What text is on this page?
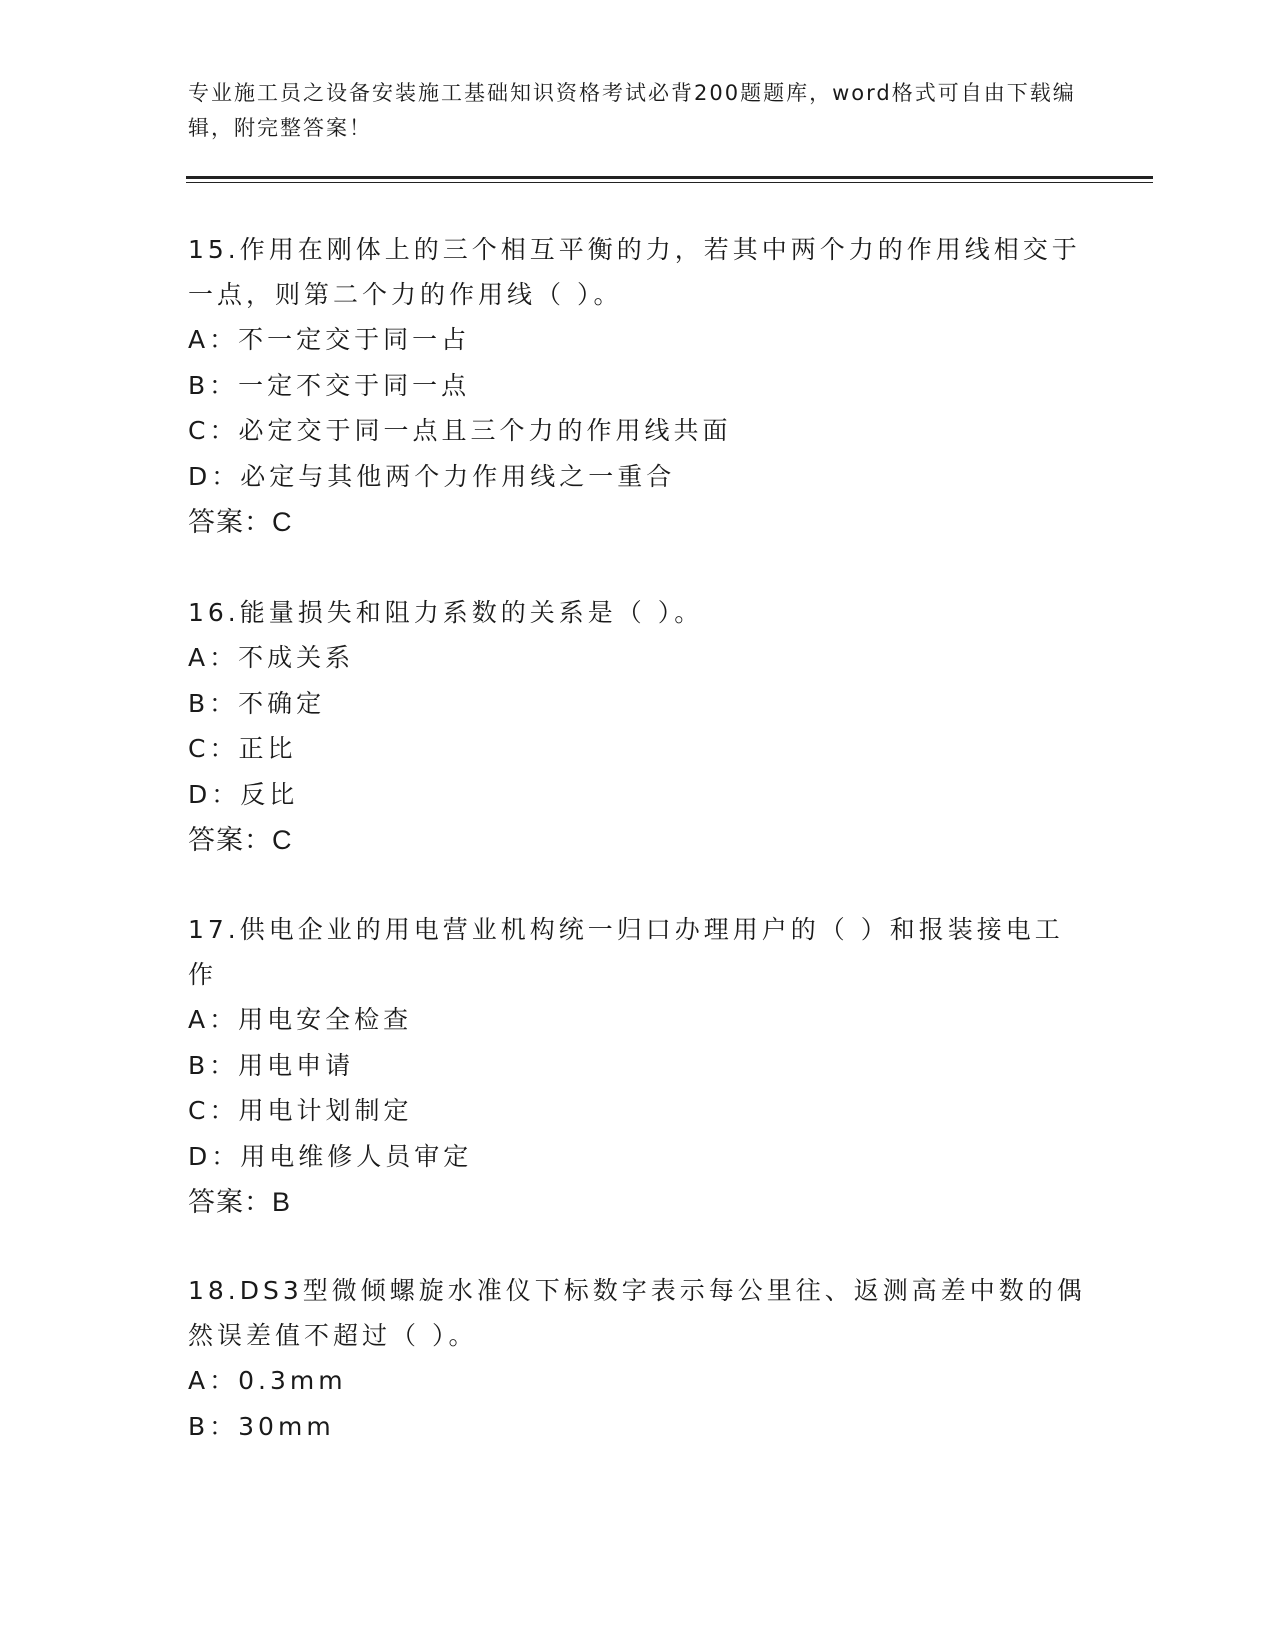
专业施工员之设备安装施工基础知识资格考试必背200题题库，word格式可自由下载编辑，附完整答案！

15.作用在刚体上的三个相互平衡的力，若其中两个力的作用线相交于一点，则第二个力的作用线（ ）。

A：不一定交于同一占

B：一定不交于同一点

C：必定交于同一点且三个力的作用线共面

D：必定与其他两个力作用线之一重合

答案：C

16.能量损失和阻力系数的关系是（ ）。

A：不成关系

B：不确定

C：正比

D：反比

答案：C

17.供电企业的用电营业机构统一归口办理用户的（ ）和报装接电工作

A：用电安全检查

B：用电申请

C：用电计划制定

D：用电维修人员审定

答案：B

18.DS3型微倾螺旋水准仪下标数字表示每公里往、返测高差中数的偶然误差值不超过（ ）。

A：0.3mm

B：30mm
